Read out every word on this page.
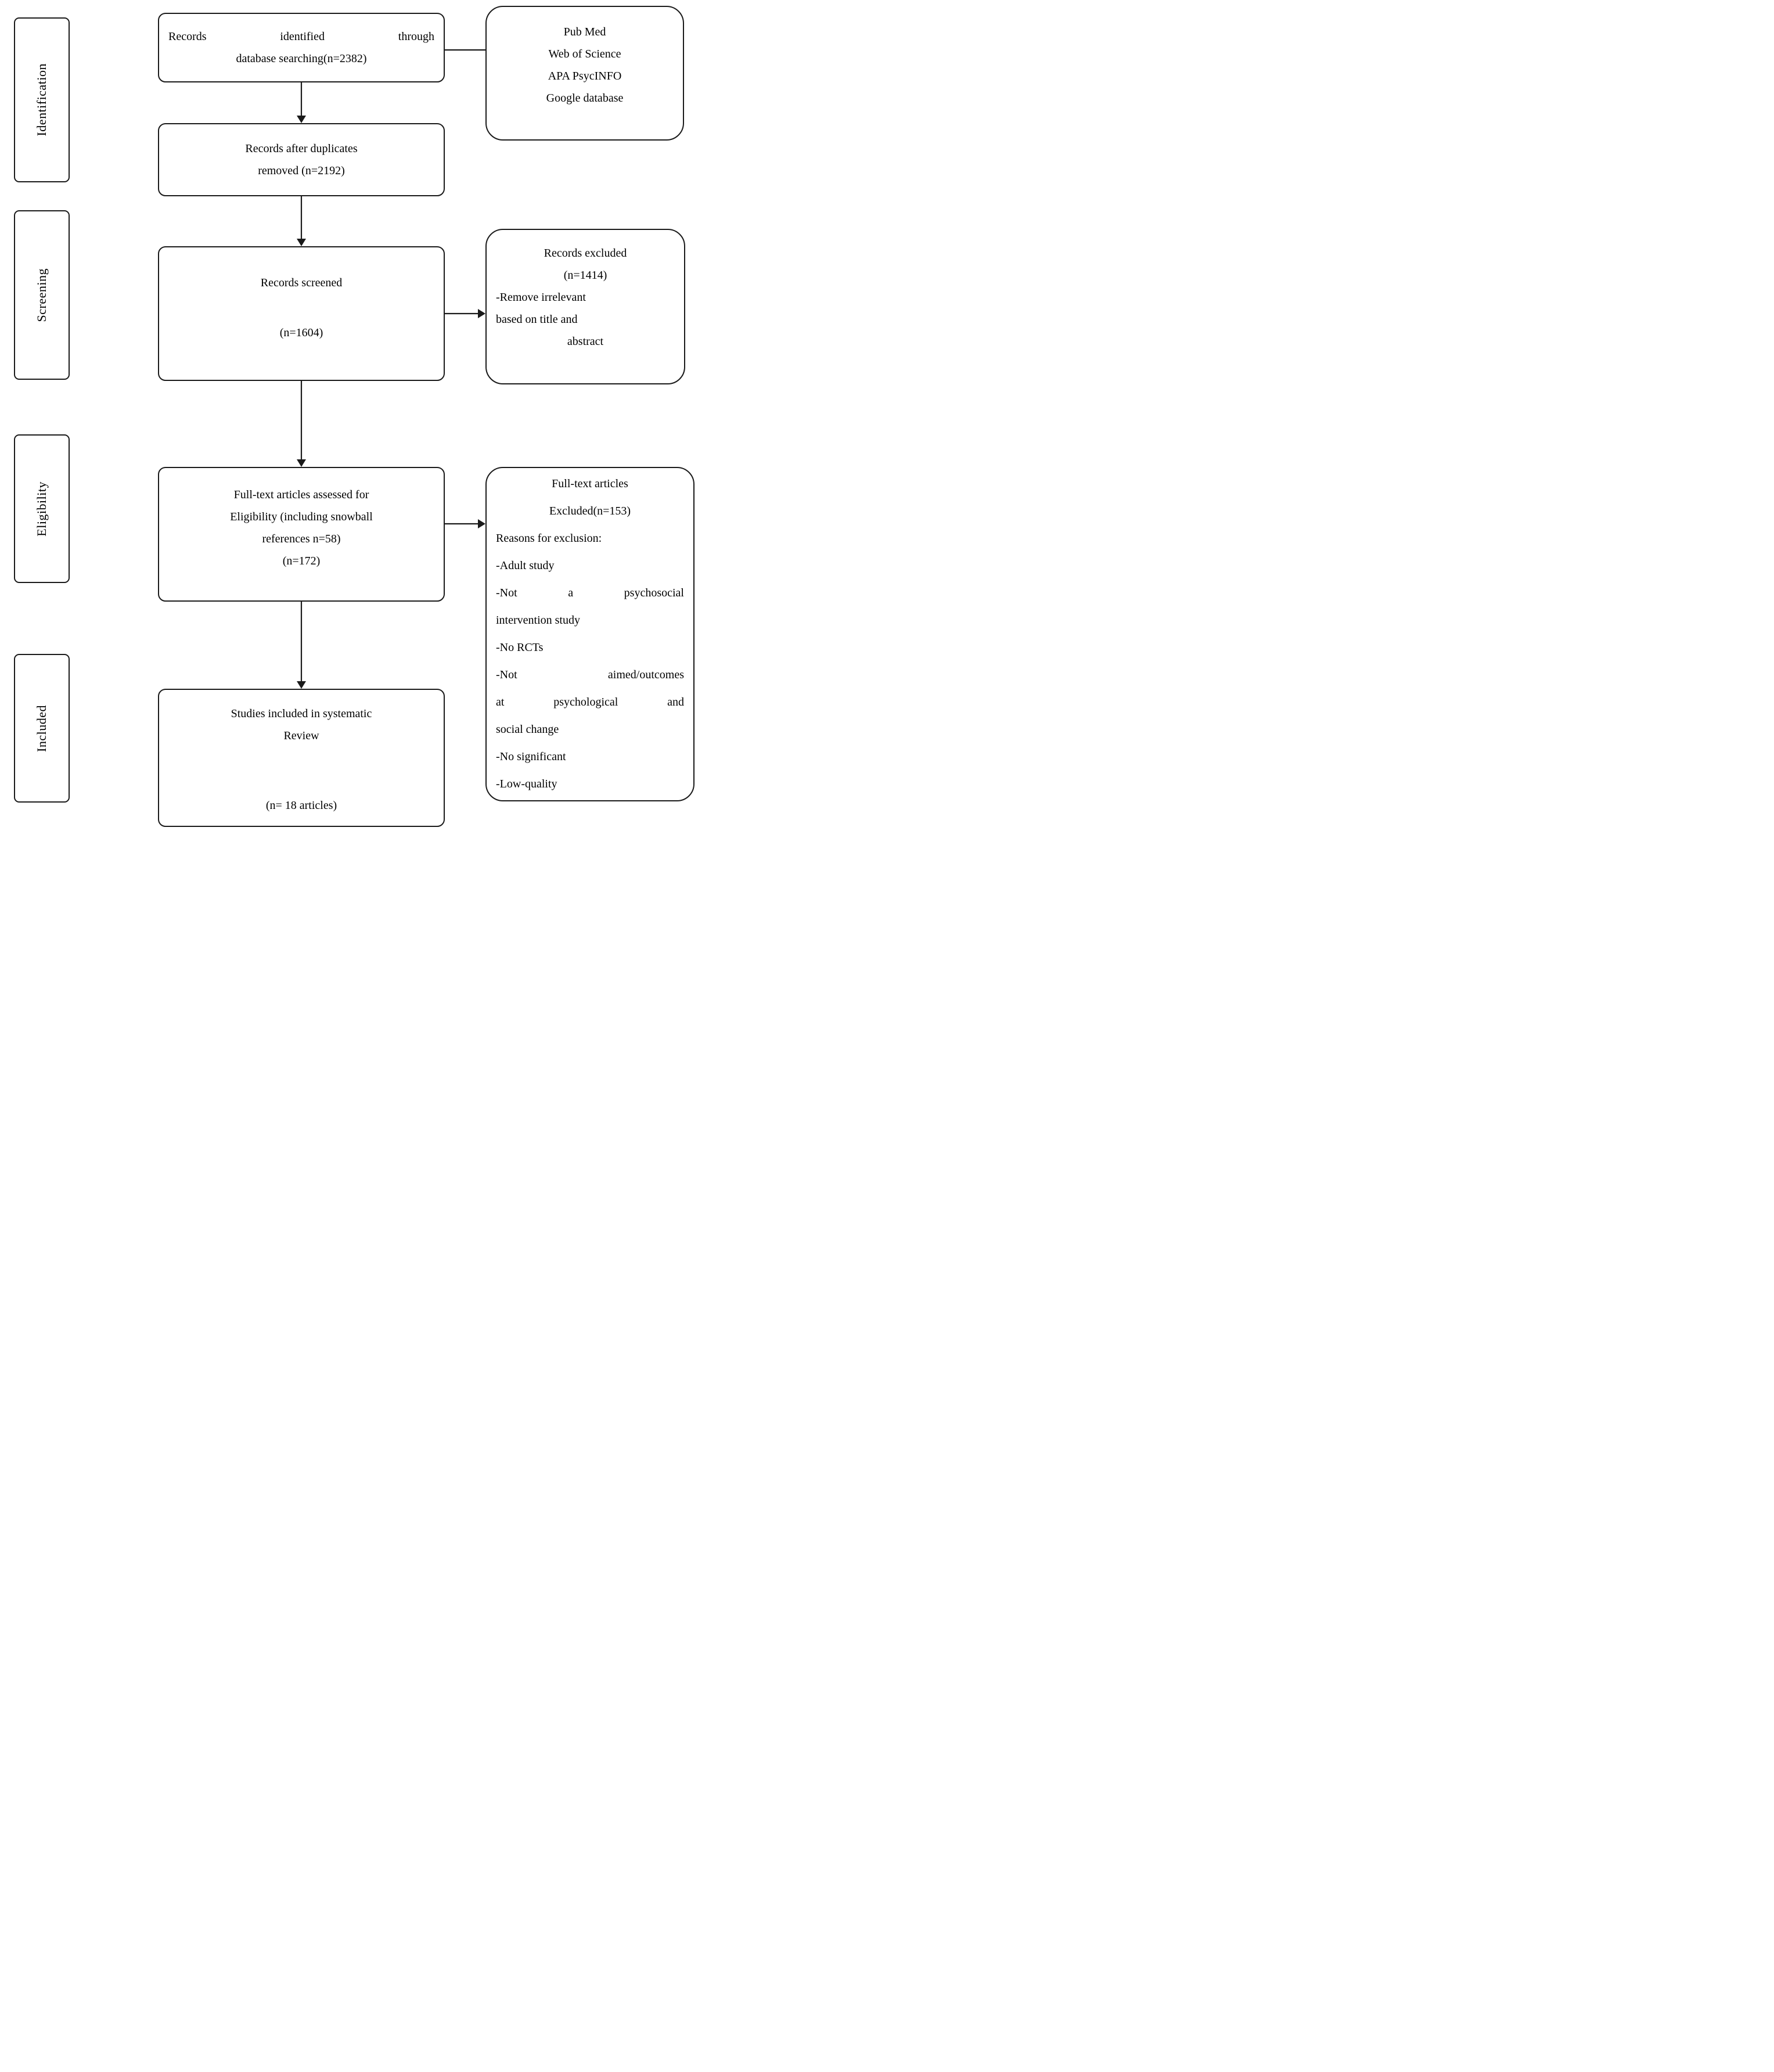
Identification
Screening
Eligibility
Included
Records identified through
database searching(n=2382)
Records after duplicates
removed (n=2192)
Records screened
(n=1604)
Full-text articles assessed for
Eligibility (including snowball
references n=58)
(n=172)
Studies included in systematic
Review
(n= 18 articles)
Pub Med
Web of Science
APA PsycINFO
Google database
Records excluded
(n=1414)
-Remove irrelevant
based on title and
abstract
Full-text articles
Excluded(n=153)
Reasons for exclusion:
-Adult study
-Not a psychosocial
intervention study
-No RCTs
-Not aimed/outcomes
at psychological and
social change
-No significant
-Low-quality
